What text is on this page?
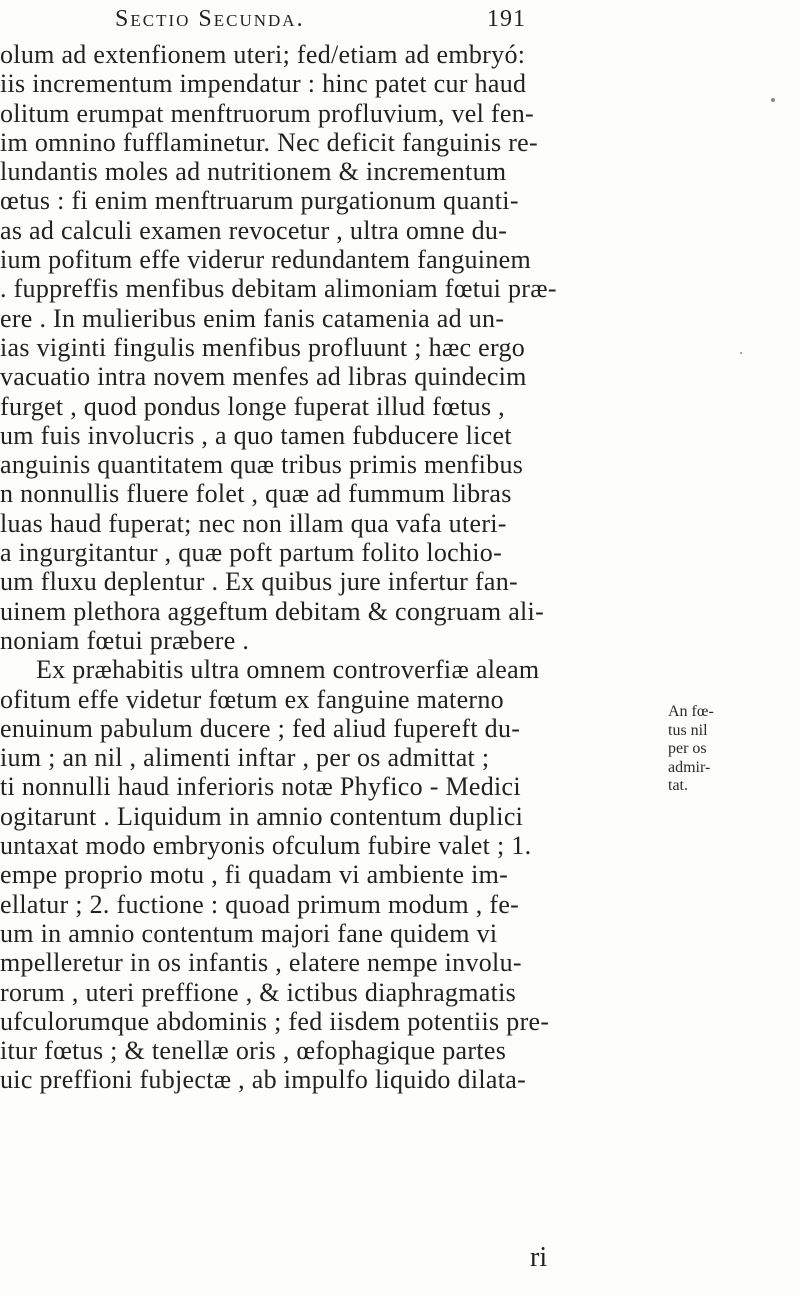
Sectio Secunda.	191
olum ad extenfionem uteri; fed/etiam ad embryó:
iis incrementum impendatur : hinc patet cur haud
olitum erumpat menftruorum profluvium, vel fen-
im omnino fufflaminetur. Nec deficit fanguinis re-
lundantis moles ad nutritionem & incrementum
œtus : fi enim menftruarum purgationum quanti-
as ad calculi examen revocetur , ultra omne du-
ium pofitum effe viderur redundantem fanguinem
. fuppreffis menfibus debitam alimoniam fœtui præ-
ere . In mulieribus enim fanis catamenia ad un-
ias viginti fingulis menfibus profluunt ; hæc ergo
vacuatio intra novem menfes ad libras quindecim
furget , quod pondus longe fuperat illud fœtus ,
um fuis involucris , a quo tamen fubducere licet
anguinis quantitatem quæ tribus primis menfibus
n nonnullis fluere folet , quæ ad fummum libras
luas haud fuperat; nec non illam qua vafa uteri-
a ingurgitantur , quæ poft partum folito lochio-
um fluxu deplentur . Ex quibus jure infertur fan-
uinem plethora aggeftum debitam & congruam ali-
noniam fœtui præbere .
Ex præhabitis ultra omnem controverfiæ aleam
ofitum effe videtur fœtum ex fanguine materno
enuinum pabulum ducere ; fed aliud fupereft du-
ium ; an nil , alimenti inftar , per os admittat ;
ti nonnulli haud inferioris notæ Phyfico - Medici
ogitarunt . Liquidum in amnio contentum duplici
untaxat modo embryonis ofculum fubire valet ; 1.
empe proprio motu , fi quadam vi ambiente im-
ellatur ; 2. fuctione : quoad primum modum , fe-
um in amnio contentum majori fane quidem vi
mpelleretur in os infantis , elatere nempe involu-
rorum , uteri preffione , & ictibus diaphragmatis
ufculorumque abdominis ; fed iisdem potentiis pre-
itur fœtus ; & tenellæ oris , œfophagique partes
uic preffioni fubjectæ , ab impulfo liquido dilata-
ri
An fœ-
tus nil
per os
admir-
tat.
